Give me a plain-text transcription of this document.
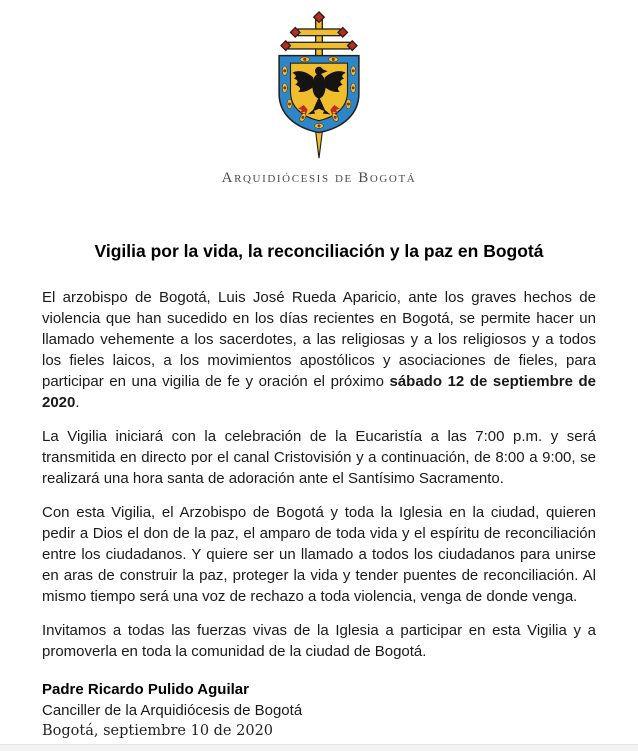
Arquidiócesis de Bogotá
Vigilia por la vida, la reconciliación y la paz en Bogotá

El arzobispo de Bogotá, Luis José Rueda Aparicio, ante los graves hechos de violencia que han sucedido en los días recientes en Bogotá, se permite hacer un llamado vehemente a los sacerdotes, a las religiosas y a los religiosos y a todos los fieles laicos, a los movimientos apostólicos y asociaciones de fieles, para participar en una vigilia de fe y oración el próximo sábado 12 de septiembre de 2020.

La Vigilia iniciará con la celebración de la Eucaristía a las 7:00 p.m. y será transmitida en directo por el canal Cristovisión y a continuación, de 8:00 a 9:00, se realizará una hora santa de adoración ante el Santísimo Sacramento.

Con esta Vigilia, el Arzobispo de Bogotá y toda la Iglesia en la ciudad, quieren pedir a Dios el don de la paz, el amparo de toda vida y el espíritu de reconciliación entre los ciudadanos. Y quiere ser un llamado a todos los ciudadanos para unirse en aras de construir la paz, proteger la vida y tender puentes de reconciliación. Al mismo tiempo será una voz de rechazo a toda violencia, venga de donde venga.

Invitamos a todas las fuerzas vivas de la Iglesia a participar en esta Vigilia y a promoverla en toda la comunidad de la ciudad de Bogotá.

Padre Ricardo Pulido Aguilar
Canciller de la Arquidiócesis de Bogotá
Bogotá, septiembre 10 de 2020
